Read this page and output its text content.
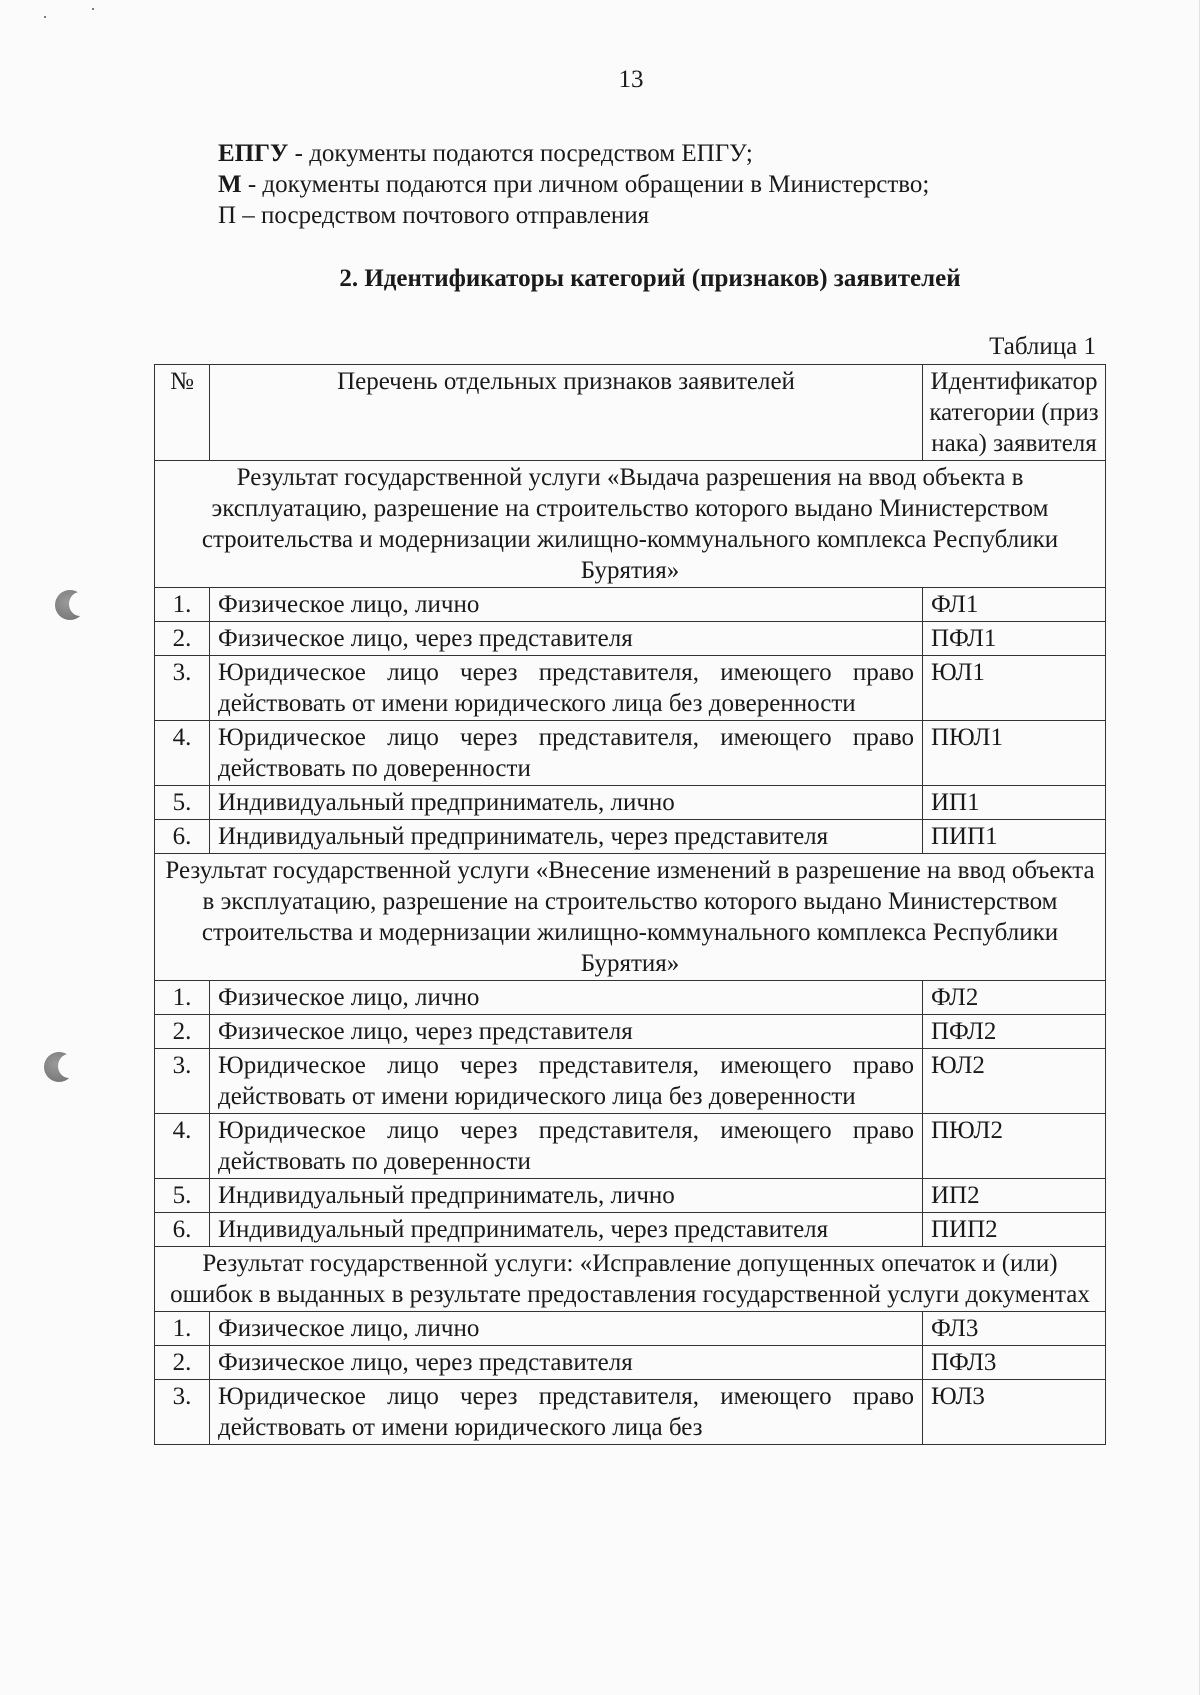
13
ЕПГУ - документы подаются посредством ЕПГУ;
М - документы подаются при личном обращении в Министерство;
П – посредством почтового отправления
2. Идентификаторы категорий (признаков) заявителей
Таблица 1
№	Перечень отдельных признаков заявителей	Идентификатор категории (признака) заявителя
Результат государственной услуги «Выдача разрешения на ввод объекта в эксплуатацию, разрешение на строительство которого выдано Министерством строительства и модернизации жилищно-коммунального комплекса Республики Бурятия»		
1.	Физическое лицо, лично	ФЛ1
2.	Физическое лицо, через представителя	ПФЛ1
3.	Юридическое лицо через представителя, имеющего право действовать от имени юридического лица без доверенности	ЮЛ1
4.	Юридическое лицо через представителя, имеющего право действовать по доверенности	ПЮЛ1
5.	Индивидуальный предприниматель, лично	ИП1
6.	Индивидуальный предприниматель, через представителя	ПИП1
Результат государственной услуги «Внесение изменений в разрешение на ввод объекта в эксплуатацию, разрешение на строительство которого выдано Министерством строительства и модернизации жилищно-коммунального комплекса Республики Бурятия»		
1.	Физическое лицо, лично	ФЛ2
2.	Физическое лицо, через представителя	ПФЛ2
3.	Юридическое лицо через представителя, имеющего право действовать от имени юридического лица без доверенности	ЮЛ2
4.	Юридическое лицо через представителя, имеющего право действовать по доверенности	ПЮЛ2
5.	Индивидуальный предприниматель, лично	ИП2
6.	Индивидуальный предприниматель, через представителя	ПИП2
Результат государственной услуги: «Исправление допущенных опечаток и (или) ошибок в выданных в результате предоставления государственной услуги документах		
1.	Физическое лицо, лично	ФЛ3
2.	Физическое лицо, через представителя	ПФЛ3
3.	Юридическое лицо через представителя, имеющего право действовать от имени юридического лица без	ЮЛ3
